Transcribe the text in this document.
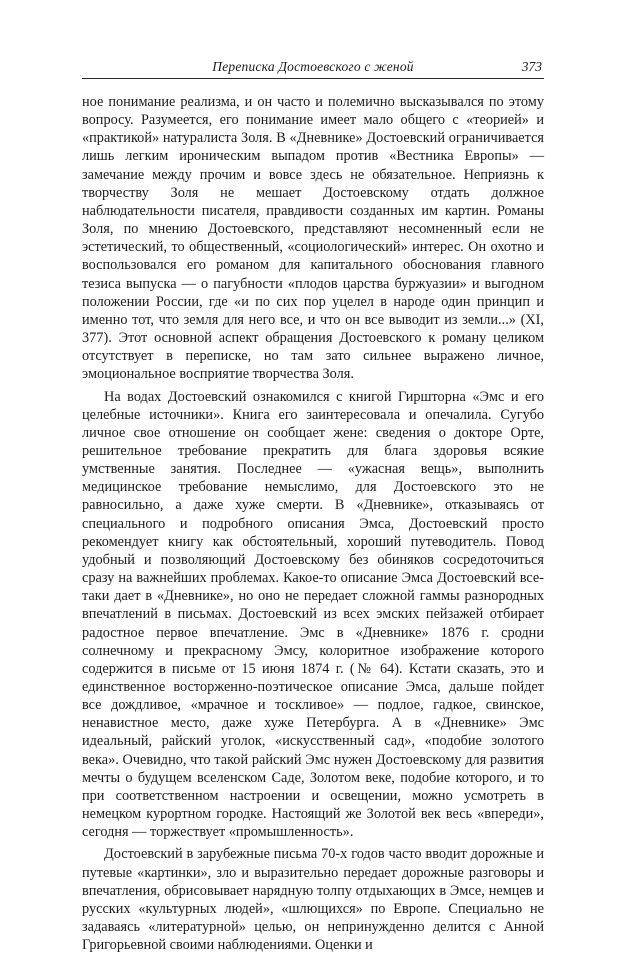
Переписка Достоевского с женой	373

ное понимание реализма, и он часто и полемично высказывался по этому вопросу. Разумеется, его понимание имеет мало общего с «теорией» и «практикой» натуралиста Золя. В «Дневнике» Достоевский ограничивается лишь легким ироническим выпадом против «Вестника Европы» — замечание между прочим и вовсе здесь не обязательное. Неприязнь к творчеству Золя не мешает Достоевскому отдать должное наблюдательности писателя, правдивости созданных им картин. Романы Золя, по мнению Достоевского, представляют несомненный если не эстетический, то общественный, «социологический» интерес. Он охотно и воспользовался его романом для капитального обоснования главного тезиса выпуска — о пагубности «плодов царства буржуазии» и выгодном положении России, где «и по сих пор уцелел в народе один принцип и именно тот, что земля для него все, и что он все выводит из земли...» (XI, 377). Этот основной аспект обращения Достоевского к роману целиком отсутствует в переписке, но там зато сильнее выражено личное, эмоциональное восприятие творчества Золя.

На водах Достоевский ознакомился с книгой Гиршторна «Эмс и его целебные источники». Книга его заинтересовала и опечалила. Сугубо личное свое отношение он сообщает жене: сведения о докторе Орте, решительное требование прекратить для блага здоровья всякие умственные занятия. Последнее — «ужасная вещь», выполнить медицинское требование немыслимо, для Достоевского это не равносильно, а даже хуже смерти. В «Дневнике», отказываясь от специального и подробного описания Эмса, Достоевский просто рекомендует книгу как обстоятельный, хороший путеводитель. Повод удобный и позволяющий Достоевскому без обиняков сосредоточиться сразу на важнейших проблемах. Какое-то описание Эмса Достоевский все-таки дает в «Дневнике», но оно не передает сложной гаммы разнородных впечатлений в письмах. Достоевский из всех эмских пейзажей отбирает радостное первое впечатление. Эмс в «Дневнике» 1876 г. сродни солнечному и прекрасному Эмсу, колоритное изображение которого содержится в письме от 15 июня 1874 г. (№ 64). Кстати сказать, это и единственное восторженно-поэтическое описание Эмса, дальше пойдет все дождливое, «мрачное и тоскливое» — подлое, гадкое, свинское, ненавистное место, даже хуже Петербурга. А в «Дневнике» Эмс идеальный, райский уголок, «искусственный сад», «подобие золотого века». Очевидно, что такой райский Эмс нужен Достоевскому для развития мечты о будущем вселенском Саде, Золотом веке, подобие которого, и то при соответственном настроении и освещении, можно усмотреть в немецком курортном городке. Настоящий же Золотой век весь «впереди», сегодня — торжествует «промышленность».

Достоевский в зарубежные письма 70-х годов часто вводит дорожные и путевые «картинки», зло и выразительно передает дорожные разговоры и впечатления, обрисовывает нарядную толпу отдыхающих в Эмсе, немцев и русских «культурных людей», «шлющихся» по Европе. Специально не задаваясь «литературной» целью, он непринужденно делится с Анной Григорьевной своими наблюдениями. Оценки и
